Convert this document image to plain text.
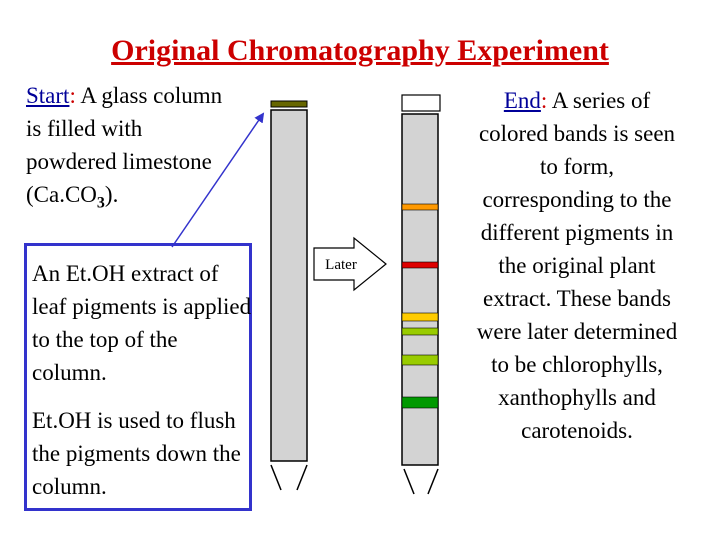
Original Chromatography Experiment
Start: A glass column is filled with powdered limestone $(Ca.CO_3)$.
An Et.OH extract of leaf pigments is applied to the top of the column.
Et.OH is used to flush the pigments down the column.
End: A series of colored bands is seen to form, corresponding to the different pigments in the original plant extract. These bands were later determined to be chlorophylls, xanthophylls and carotenoids.
Later
